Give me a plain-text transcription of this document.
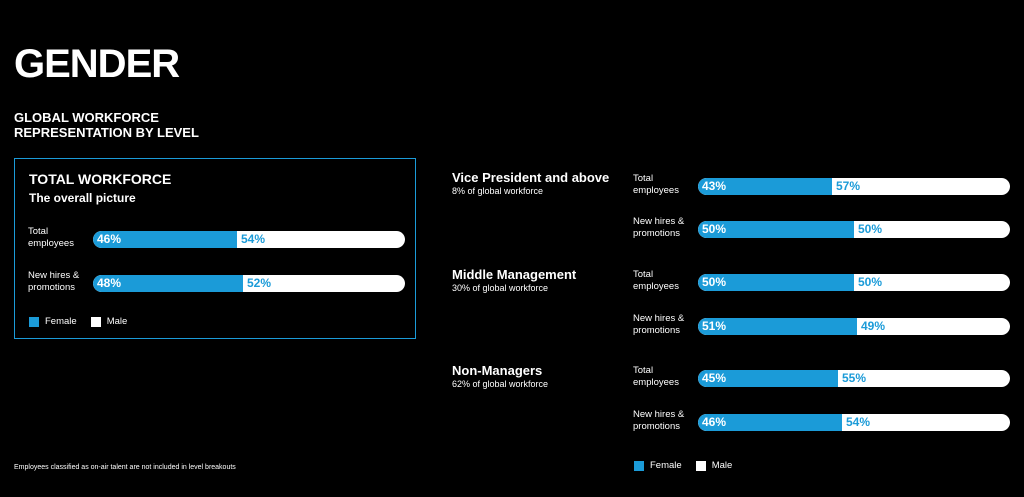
GENDER
GLOBAL WORKFORCE
REPRESENTATION BY LEVEL
TOTAL WORKFORCE
The overall picture
Female	Male
Total
employees 46%	54%
New hires &
promotions	48%	52%
Vice President and above
8% of global workforce
Total
employees 43%	57%
New hires &
promotions	50%	50%
Middle Management
30% of global workforce
Total
employees 50%	50%
New hires &
promotions	51%	49%
Non-Managers
62% of global workforce
Total
employees 45%	55%
New hires &
promotions	46%	54%
Female	Male
Employees classified as on-air talent are not included in level breakouts
